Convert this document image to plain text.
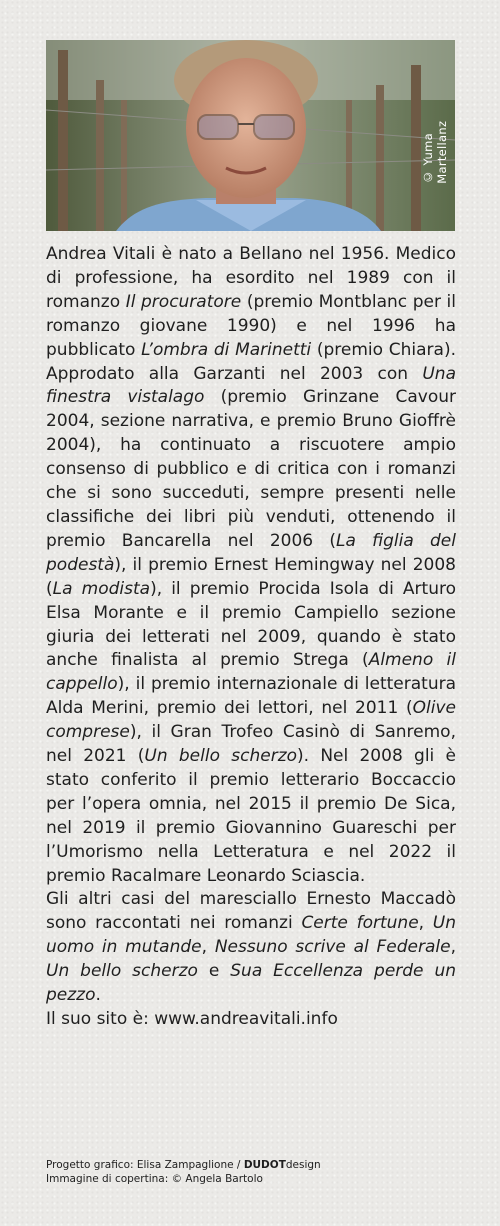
© Yuma Martellanz

Andrea Vitali è nato a Bellano nel 1956. Medico di professione, ha esordito nel 1989 con il romanzo Il procuratore (premio Montblanc per il romanzo giovane 1990) e nel 1996 ha pubblicato L’ombra di Marinetti (premio Chiara). Approdato alla Garzanti nel 2003 con Una finestra vistalago (premio Grinzane Cavour 2004, sezione narrativa, e premio Bruno Gioffrè 2004), ha continuato a riscuotere ampio consenso di pubblico e di critica con i romanzi che si sono succeduti, sempre presenti nelle classifiche dei libri più venduti, ottenendo il premio Bancarella nel 2006 (La figlia del podestà), il premio Ernest Hemingway nel 2008 (La modista), il premio Procida Isola di Arturo Elsa Morante e il premio Campiello sezione giuria dei letterati nel 2009, quando è stato anche finalista al premio Strega (Almeno il cappello), il premio internazionale di letteratura Alda Merini, premio dei lettori, nel 2011 (Olive comprese), il Gran Trofeo Casinò di Sanremo, nel 2021 (Un bello scherzo). Nel 2008 gli è stato conferito il premio letterario Boccaccio per l’opera omnia, nel 2015 il premio De Sica, nel 2019 il premio Giovannino Guareschi per l’Umorismo nella Letteratura e nel 2022 il premio Racalmare Leonardo Sciascia.

Gli altri casi del maresciallo Ernesto Maccadò sono raccontati nei romanzi Certe fortune, Un uomo in mutande, Nessuno scrive al Federale, Un bello scherzo e Sua Eccellenza perde un pezzo.

Il suo sito è: www.andreavitali.info

Progetto grafico: Elisa Zampaglione / DUDOTdesign
Immagine di copertina: © Angela Bartolo
